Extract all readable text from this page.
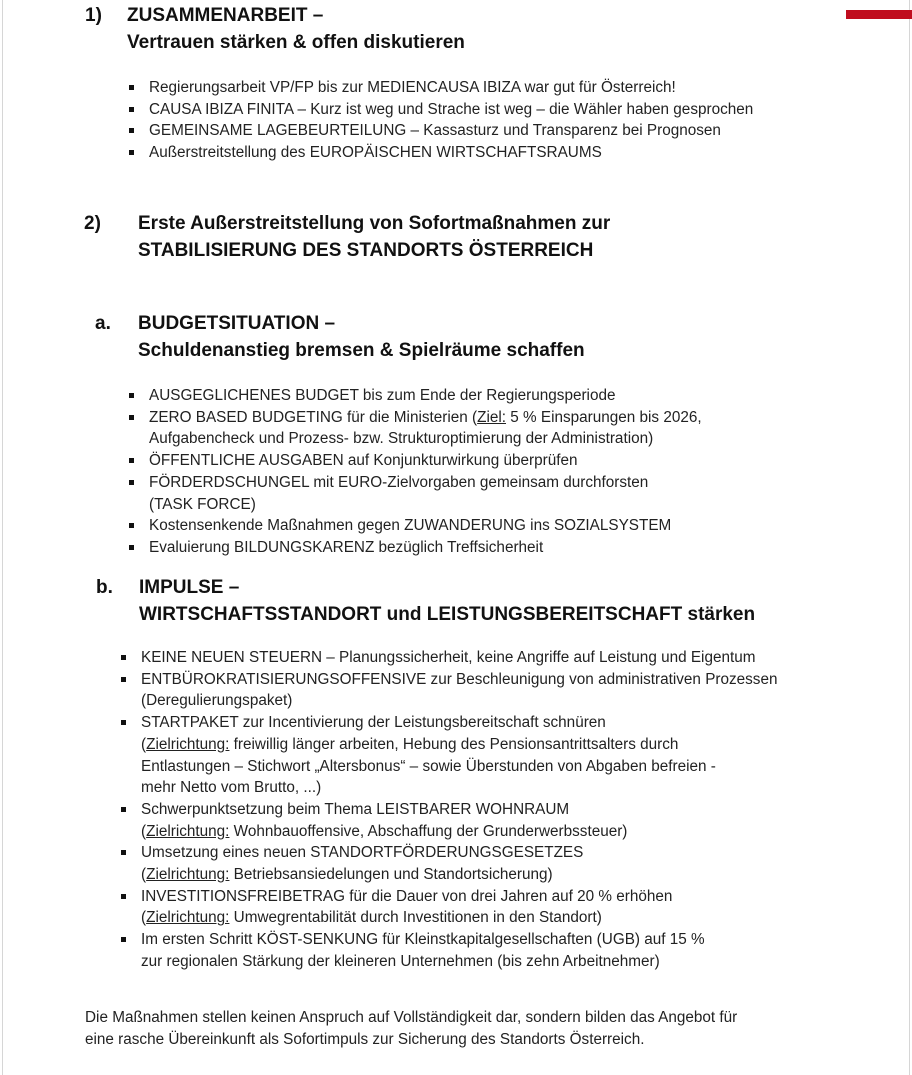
1) ZUSAMMENARBEIT –
Vertrauen stärken & offen diskutieren
Regierungsarbeit VP/FP bis zur MEDIENCAUSA IBIZA war gut für Österreich!
CAUSA IBIZA FINITA – Kurz ist weg und Strache ist weg – die Wähler haben gesprochen
GEMEINSAME LAGEBEURTEILUNG – Kassasturz und Transparenz bei Prognosen
Außerstreitstellung des EUROPÄISCHEN WIRTSCHAFTSRAUMS
2) Erste Außerstreitstellung von Sofortmaßnahmen zur
STABILISIERUNG DES STANDORTS ÖSTERREICH
a. BUDGETSITUATION –
Schuldenanstieg bremsen & Spielräume schaffen
AUSGEGLICHENES BUDGET bis zum Ende der Regierungsperiode
ZERO BASED BUDGETING für die Ministerien (Ziel: 5 % Einsparungen bis 2026,
Aufgabencheck und Prozess- bzw. Strukturoptimierung der Administration)
ÖFFENTLICHE AUSGABEN auf Konjunkturwirkung überprüfen
FÖRDERDSCHUNGEL mit EURO-Zielvorgaben gemeinsam durchforsten
(TASK FORCE)
Kostensenkende Maßnahmen gegen ZUWANDERUNG ins SOZIALSYSTEM
Evaluierung BILDUNGSKARENZ bezüglich Treffsicherheit
b. IMPULSE –
WIRTSCHAFTSSTANDORT und LEISTUNGSBEREITSCHAFT stärken
KEINE NEUEN STEUERN – Planungssicherheit, keine Angriffe auf Leistung und Eigentum
ENTBÜROKRATISIERUNGSOFFENSIVE zur Beschleunigung von administrativen Prozessen
(Deregulierungspaket)
STARTPAKET zur Incentivierung der Leistungsbereitschaft schnüren
(Zielrichtung: freiwillig länger arbeiten, Hebung des Pensionsantrittsalters durch
Entlastungen – Stichwort „Altersbonus“ – sowie Überstunden von Abgaben befreien -
mehr Netto vom Brutto, ...)
Schwerpunktsetzung beim Thema LEISTBARER WOHNRAUM
(Zielrichtung: Wohnbauoffensive, Abschaffung der Grunderwerbssteuer)
Umsetzung eines neuen STANDORTFÖRDERUNGSGESETZES
(Zielrichtung: Betriebsansiedelungen und Standortsicherung)
INVESTITIONSFREIBETRAG für die Dauer von drei Jahren auf 20 % erhöhen
(Zielrichtung: Umwegrentabilität durch Investitionen in den Standort)
Im ersten Schritt KÖST-SENKUNG für Kleinstkapitalgesellschaften (UGB) auf 15 %
zur regionalen Stärkung der kleineren Unternehmen (bis zehn Arbeitnehmer)
Die Maßnahmen stellen keinen Anspruch auf Vollständigkeit dar, sondern bilden das Angebot für
eine rasche Übereinkunft als Sofortimpuls zur Sicherung des Standorts Österreich.
